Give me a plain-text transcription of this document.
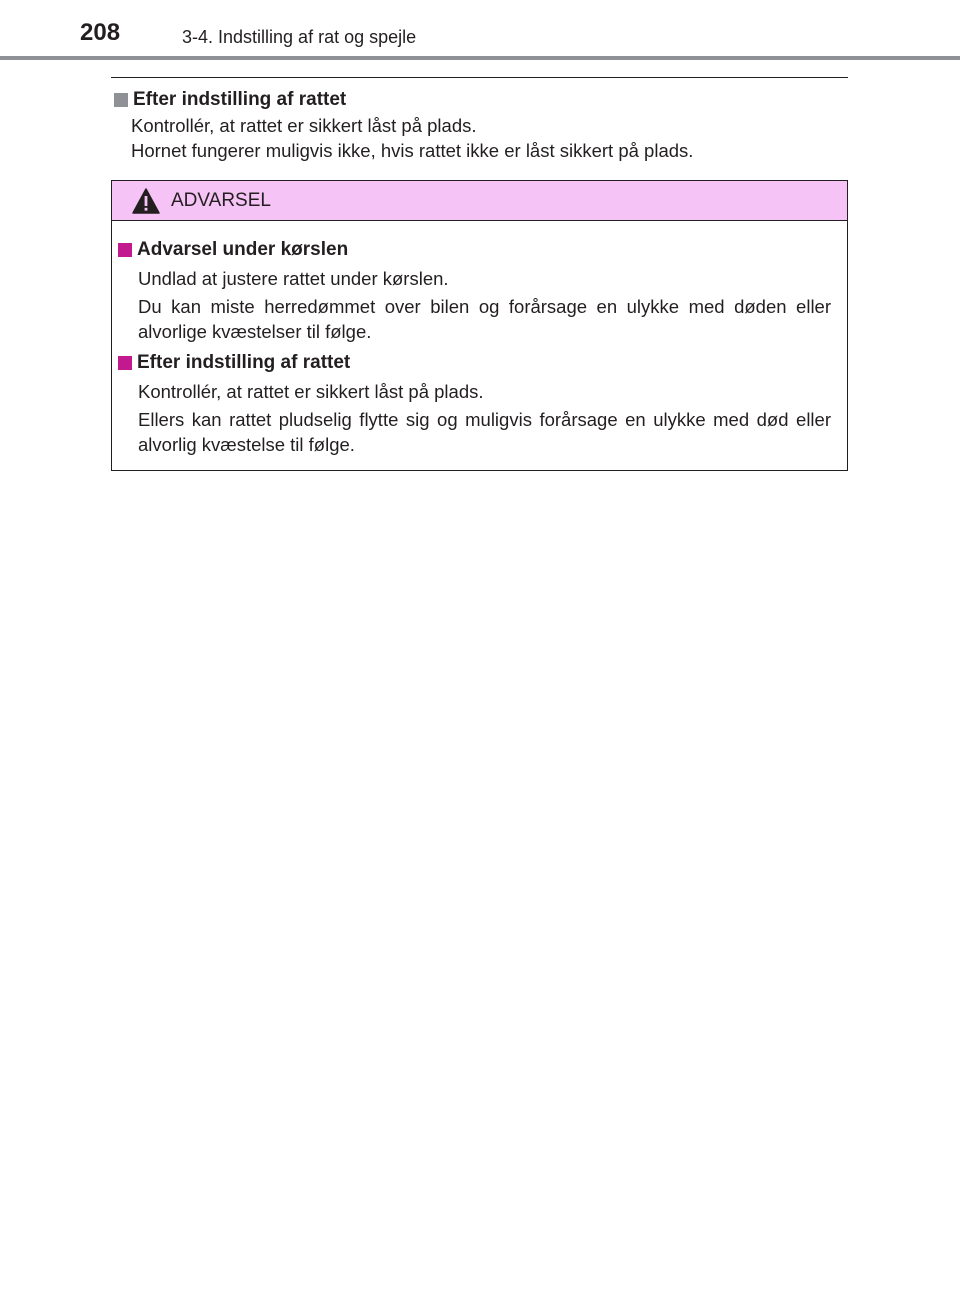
208	3-4. Indstilling af rat og spejle
Efter indstilling af rattet
Kontrollér, at rattet er sikkert låst på plads.
Hornet fungerer muligvis ikke, hvis rattet ikke er låst sikkert på plads.
ADVARSEL
Advarsel under kørslen
Undlad at justere rattet under kørslen.
Du kan miste herredømmet over bilen og forårsage en ulykke med døden eller alvorlige kvæstelser til følge.
Efter indstilling af rattet
Kontrollér, at rattet er sikkert låst på plads.
Ellers kan rattet pludselig flytte sig og muligvis forårsage en ulykke med død eller alvorlig kvæstelse til følge.
